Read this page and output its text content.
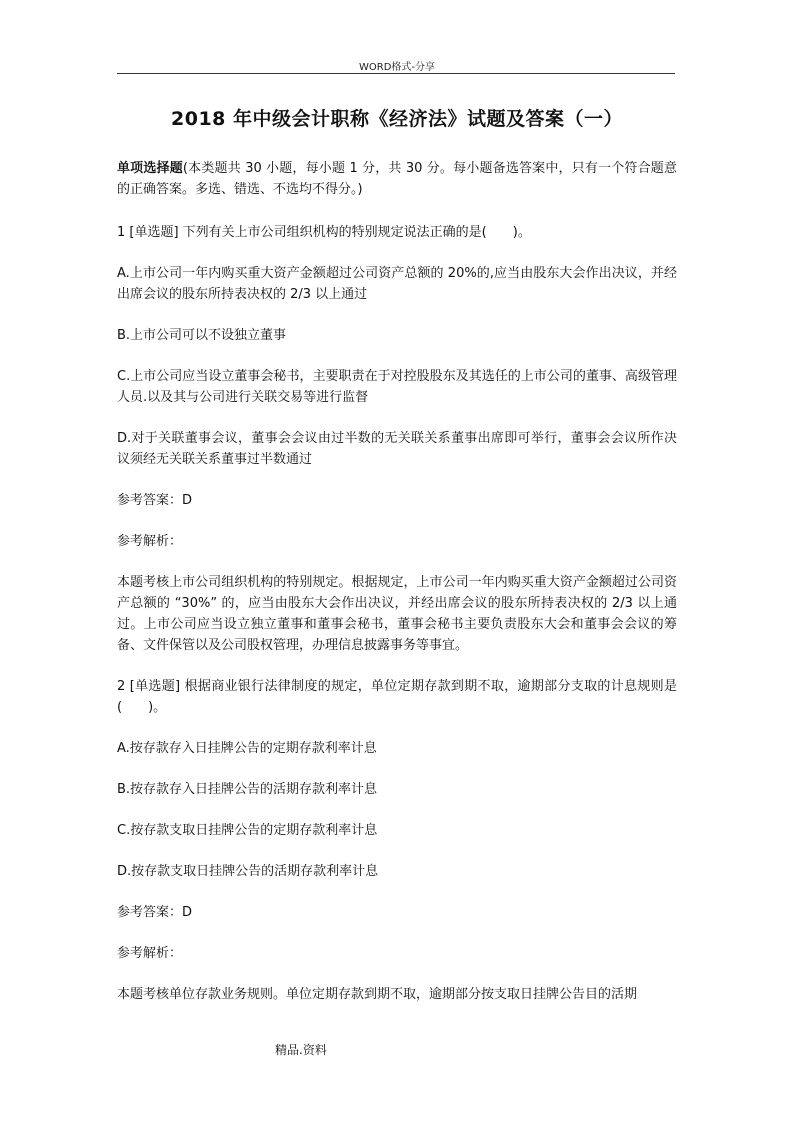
WORD格式-分享
2018 年中级会计职称《经济法》试题及答案（一）

单项选择题(本类题共 30 小题，每小题 1 分，共 30 分。每小题备选答案中，只有一个符合题意的正确答案。多选、错选、不选均不得分。)

1 [单选题] 下列有关上市公司组织机构的特别规定说法正确的是(　　)。

A.上市公司一年内购买重大资产金额超过公司资产总额的 20%的,应当由股东大会作出决议，并经出席会议的股东所持表决权的 2/3 以上通过

B.上市公司可以不设独立董事

C.上市公司应当设立董事会秘书，主要职责在于对控股股东及其选任的上市公司的董事、高级管理人员.以及其与公司进行关联交易等进行监督

D.对于关联董事会议，董事会会议由过半数的无关联关系董事出席即可举行，董事会会议所作决议须经无关联关系董事过半数通过

参考答案：D

参考解析：

本题考核上市公司组织机构的特别规定。根据规定，上市公司一年内购买重大资产金额超过公司资产总额的 “30%” 的，应当由股东大会作出决议，并经出席会议的股东所持表决权的 2/3 以上通过。上市公司应当设立独立董事和董事会秘书，董事会秘书主要负责股东大会和董事会会议的筹备、文件保管以及公司股权管理，办理信息披露事务等事宜。

2 [单选题] 根据商业银行法律制度的规定，单位定期存款到期不取，逾期部分支取的计息规则是(　　)。

A.按存款存入日挂牌公告的定期存款利率计息

B.按存款存入日挂牌公告的活期存款利率计息

C.按存款支取日挂牌公告的定期存款利率计息

D.按存款支取日挂牌公告的活期存款利率计息

参考答案：D

参考解析：

本题考核单位存款业务规则。单位定期存款到期不取，逾期部分按支取日挂牌公告目的活期

精品.资料
